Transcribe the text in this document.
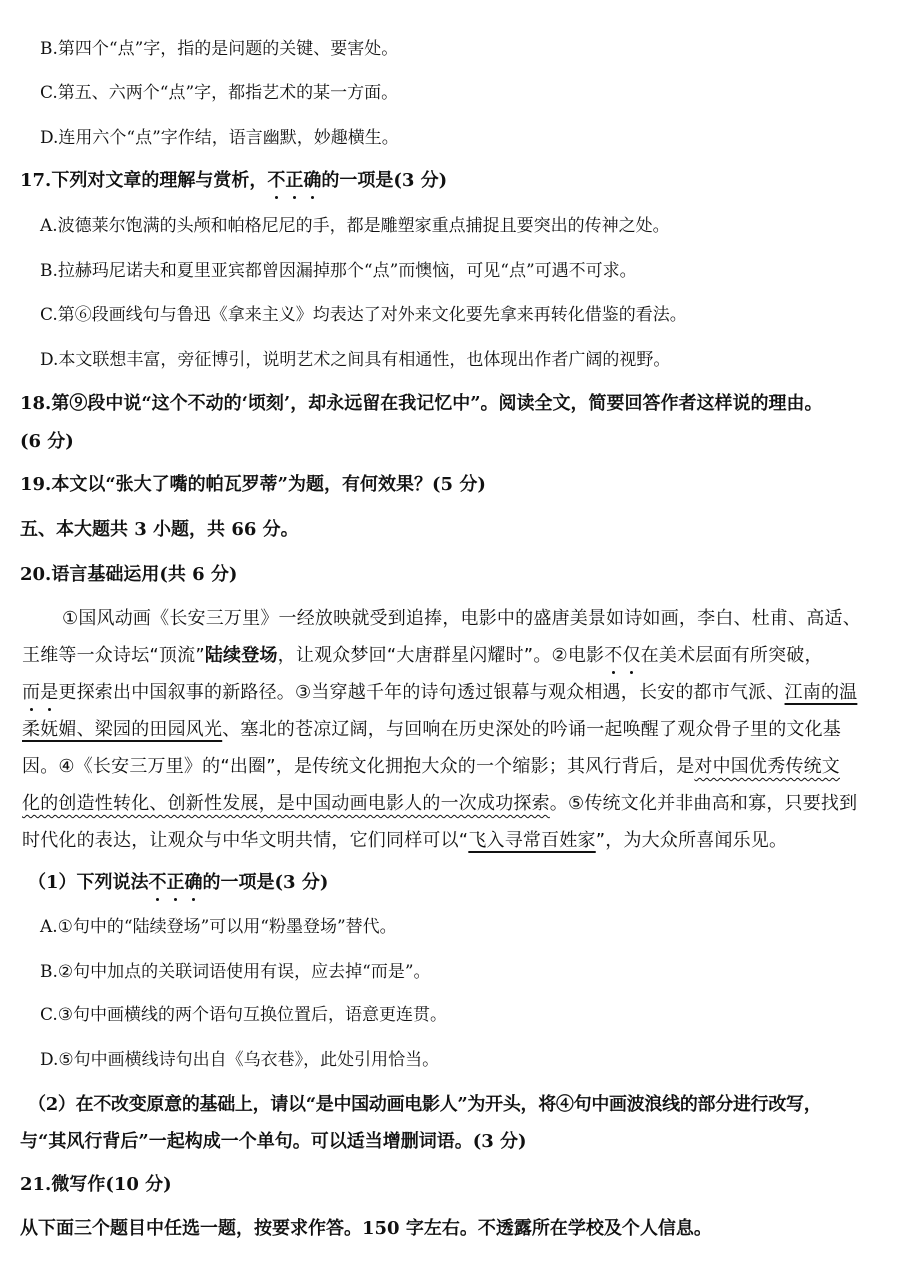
B.第四个“点”字，指的是问题的关键、要害处。
C.第五、六两个“点”字，都指艺术的某一方面。
D.连用六个“点”字作结，语言幽默，妙趣横生。
17.下列对文章的理解与赏析，不正确的一项是(3 分)
A.波德莱尔饱满的头颅和帕格尼尼的手，都是雕塑家重点捕捉且要突出的传神之处。
B.拉赫玛尼诺夫和夏里亚宾都曾因漏掉那个“点”而懊恼，可见“点”可遇不可求。
C.第⑥段画线句与鲁迅《拿来主义》均表达了对外来文化要先拿来再转化借鉴的看法。
D.本文联想丰富，旁征博引，说明艺术之间具有相通性，也体现出作者广阔的视野。
18.第⑨段中说“这个不动的‘顷刻’，却永远留在我记忆中”。阅读全文，简要回答作者这样说的理由。
(6 分)
19.本文以“张大了嘴的帕瓦罗蒂”为题，有何效果？(5 分)
五、本大题共 3 小题，共 66 分。
20.语言基础运用(共 6 分)
①国风动画《长安三万里》一经放映就受到追捧，电影中的盛唐美景如诗如画，李白、杜甫、高适、
王维等一众诗坛“顶流”陆续登场，让观众梦回“大唐群星闪耀时”。②电影不仅在美术层面有所突破，
而是更探索出中国叙事的新路径。③当穿越千年的诗句透过银幕与观众相遇，长安的都市气派、江南的温
柔妩媚、梁园的田园风光、塞北的苍凉辽阔，与回响在历史深处的吟诵一起唤醒了观众骨子里的文化基
因。④《长安三万里》的“出圈”，是传统文化拥抱大众的一个缩影；其风行背后，是对中国优秀传统文
化的创造性转化、创新性发展，是中国动画电影人的一次成功探索。⑤传统文化并非曲高和寡，只要找到
时代化的表达，让观众与中华文明共情，它们同样可以“飞入寻常百姓家”，为大众所喜闻乐见。
（1）下列说法不正确的一项是(3 分)
A.①句中的“陆续登场”可以用“粉墨登场”替代。
B.②句中加点的关联词语使用有误，应去掉“而是”。
C.③句中画横线的两个语句互换位置后，语意更连贯。
D.⑤句中画横线诗句出自《乌衣巷》，此处引用恰当。
（2）在不改变原意的基础上，请以“是中国动画电影人”为开头，将④句中画波浪线的部分进行改写，
与“其风行背后”一起构成一个单句。可以适当增删词语。(3 分)
21.微写作(10 分)
从下面三个题目中任选一题，按要求作答。150 字左右。不透露所在学校及个人信息。
